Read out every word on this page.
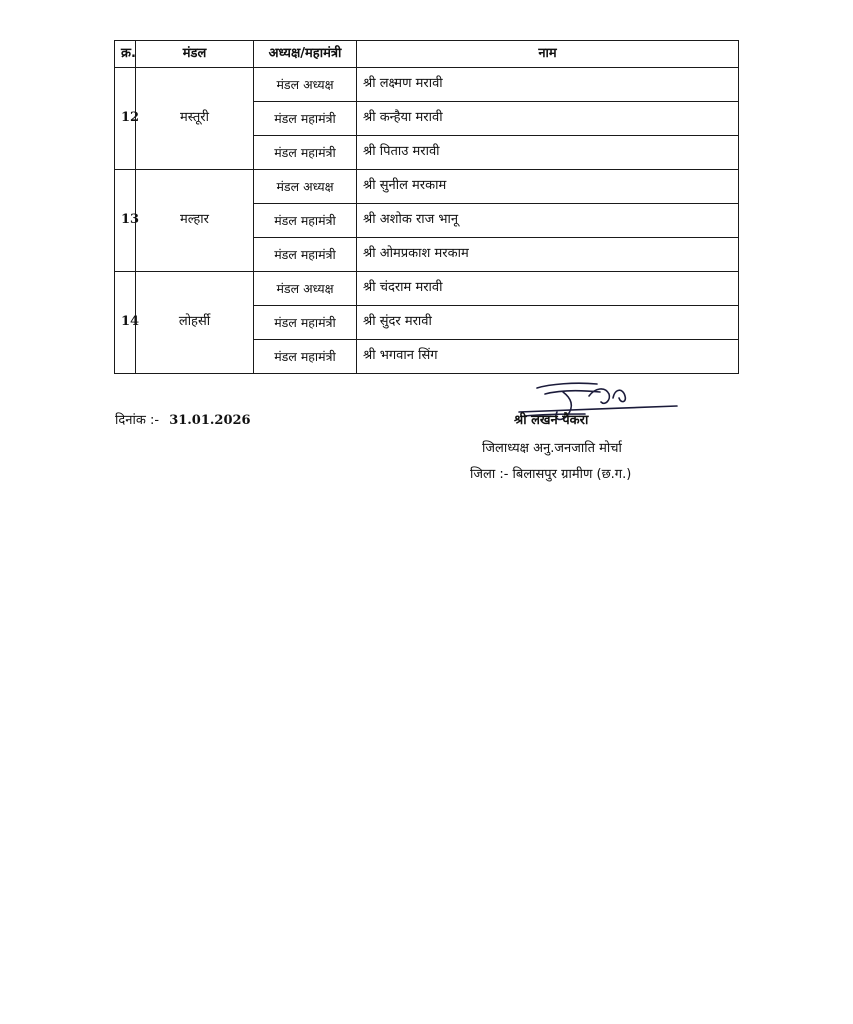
क्र.	मंडल	अध्यक्ष/महामंत्री	नाम
12	मस्तूरी	मंडल अध्यक्ष	श्री लक्ष्मण मरावी
		मंडल महामंत्री	श्री कन्हैया मरावी
		मंडल महामंत्री	श्री पिताउ मरावी
13	मल्हार	मंडल अध्यक्ष	श्री सुनील मरकाम
		मंडल महामंत्री	श्री अशोक राज भानू
		मंडल महामंत्री	श्री ओमप्रकाश मरकाम
14	लोहर्सी	मंडल अध्यक्ष	श्री चंदराम मरावी
		मंडल महामंत्री	श्री सुंदर मरावी
		मंडल महामंत्री	श्री भगवान सिंग
दिनांक :- 31.01.2026	श्री लखन पैकरा
जिलाध्यक्ष अनु.जनजाति मोर्चा
जिला :- बिलासपुर ग्रामीण (छ.ग.)
